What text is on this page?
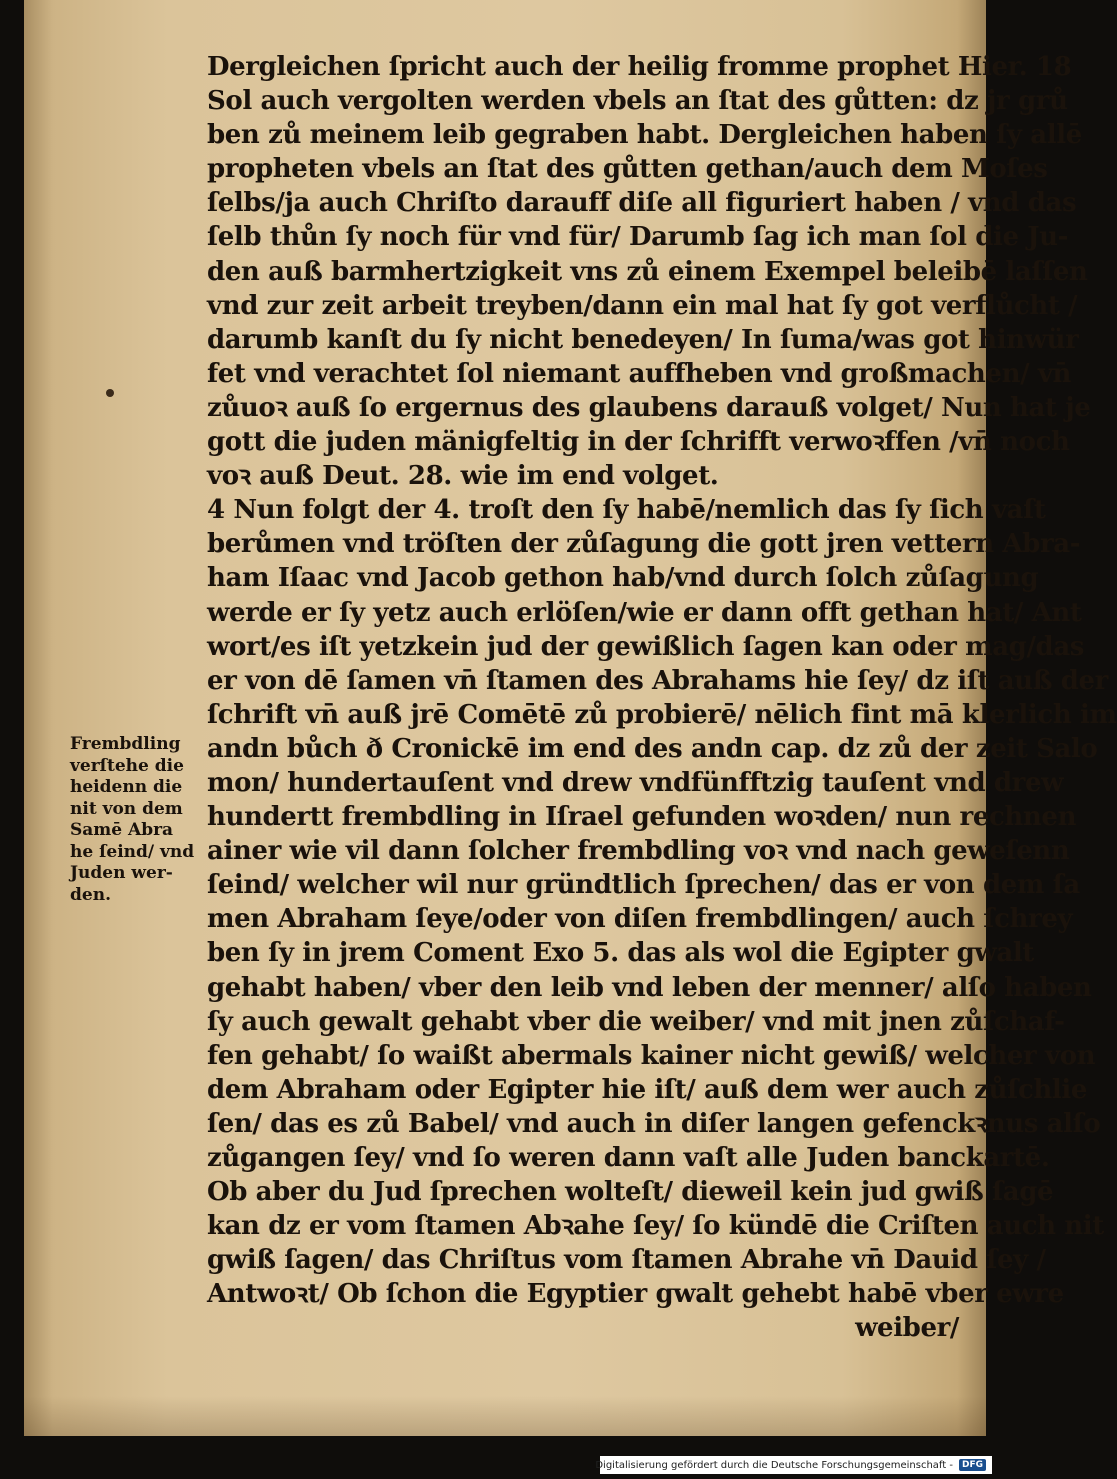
Dergleichen ſpricht auch der heilig fromme prophet Hier. 18
Sol auch vergolten werden vbels an ſtat des gůtten: dz jr grů
ben zů meinem leib gegraben habt. Dergleichen haben ſy allē
propheten vbels an ſtat des gůtten gethan/auch dem Moſes
ſelbs/ja auch Chriſto darauff diſe all figuriert haben / vnd das
ſelb thůn ſy noch für vnd für/ Darumb ſag ich man ſol die Ju-
den auß barmhertzigkeit vns zů einem Exempel beleibē laſſen
vnd zur zeit arbeit treyben/dann ein mal hat ſy got verflůcht /
darumb kanſt du ſy nicht benedeyen/ In ſuma/was got hinwür
fet vnd verachtet ſol niemant auffheben vnd großmachen/ vn̄
zůuoꝛ auß ſo ergernus des glaubens darauß volget/ Nun hat je
gott die juden mänigfeltig in der ſchrifft verwoꝛffen /vn̄ noch
voꝛ auß Deut. 28. wie im end volget.
4 Nun folgt der 4. troſt den ſy habē/nemlich das ſy ſich vaſt
berůmen vnd tröſten der zůſagung die gott jren vettern Abra-
ham Iſaac vnd Jacob gethon hab/vnd durch ſolch zůſagung
werde er ſy yetz auch erlöſen/wie er dann offt gethan hat/ Ant
wort/es iſt yetzkein jud der gewißlich ſagen kan oder mag/das
er von dē ſamen vn̄ ſtamen des Abrahams hie ſey/ dz iſt auß der
ſchrift vn̄ auß jrē Comētē zů probierē/ nēlich fint mā klerlich im
andn bůch ð Cronickē im end des andn cap. dz zů der zeit Salo
mon/ hundertauſent vnd drew vndfünfftzig tauſent vnd drew
hundertt frembdling in Iſrael gefunden woꝛden/ nun rechnen
ainer wie vil dann ſolcher frembdling voꝛ vnd nach geweſenn
ſeind/ welcher wil nur gründtlich ſprechen/ das er von dem ſa
men Abraham ſeye/oder von diſen frembdlingen/ auch ſchrey
ben ſy in jrem Coment Exo 5. das als wol die Egipter gwalt
gehabt haben/ vber den leib vnd leben der menner/ alſo haben
ſy auch gewalt gehabt vber die weiber/ vnd mit jnen zůſchaf-
fen gehabt/ ſo waißt abermals kainer nicht gewiß/ welcher von
dem Abraham oder Egipter hie iſt/ auß dem wer auch zůſchlie
ſen/ das es zů Babel/ vnd auch in diſer langen gefenckꝛnus alſo
zůgangen ſey/ vnd ſo weren dann vaſt alle Juden banckartē.
Ob aber du Jud ſprechen wolteſt/ dieweil kein jud gwiß ſagē
kan dz er vom ſtamen Abꝛahe ſey/ ſo kündē die Criſten auch nit
gwiß ſagen/ das Chriſtus vom ſtamen Abrahe vn̄ Dauid ſey /
Antwoꝛt/ Ob ſchon die Egyptier gwalt gehebt habē vber ewre
weiber/
Frembdling
verſtehe die
heidenn die
nit von dem
Samē Abra
he ſeind/ vnd
Juden wer-
den.
Digitalisierung gefördert durch die Deutsche Forschungsgemeinschaft -	DFG
